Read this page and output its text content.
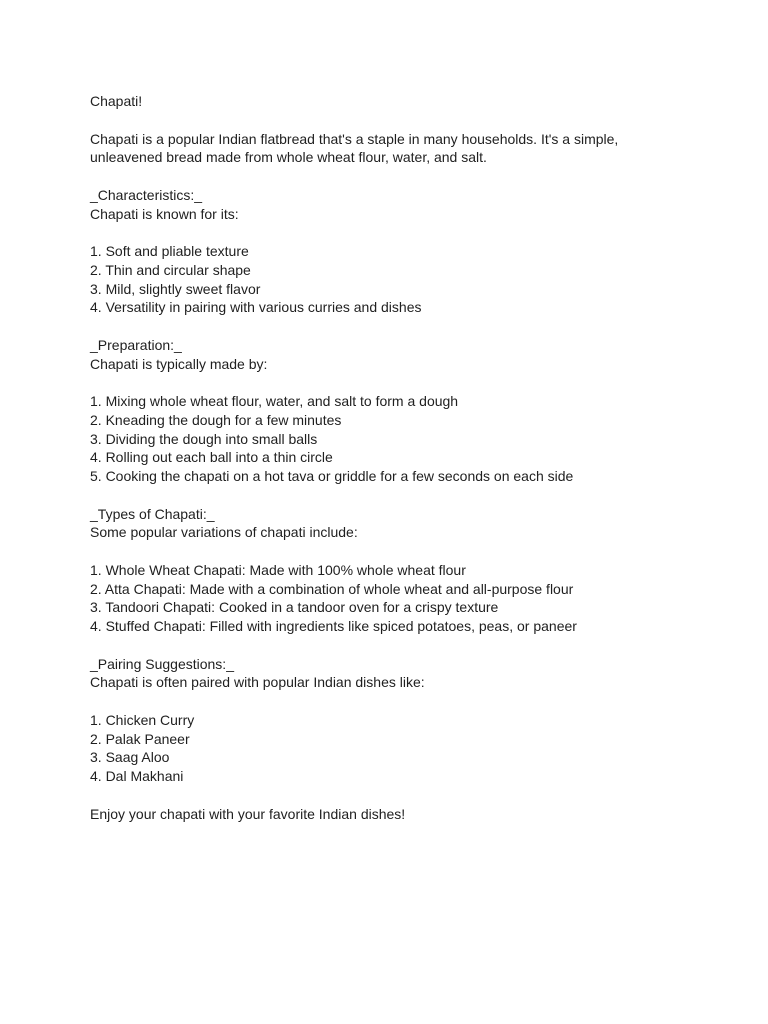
Chapati!
Chapati is a popular Indian flatbread that's a staple in many households. It's a simple,
unleavened bread made from whole wheat flour, water, and salt.
_Characteristics:_
Chapati is known for its:
1. Soft and pliable texture
2. Thin and circular shape
3. Mild, slightly sweet flavor
4. Versatility in pairing with various curries and dishes
_Preparation:_
Chapati is typically made by:
1. Mixing whole wheat flour, water, and salt to form a dough
2. Kneading the dough for a few minutes
3. Dividing the dough into small balls
4. Rolling out each ball into a thin circle
5. Cooking the chapati on a hot tava or griddle for a few seconds on each side
_Types of Chapati:_
Some popular variations of chapati include:
1. Whole Wheat Chapati: Made with 100% whole wheat flour
2. Atta Chapati: Made with a combination of whole wheat and all-purpose flour
3. Tandoori Chapati: Cooked in a tandoor oven for a crispy texture
4. Stuffed Chapati: Filled with ingredients like spiced potatoes, peas, or paneer
_Pairing Suggestions:_
Chapati is often paired with popular Indian dishes like:
1. Chicken Curry
2. Palak Paneer
3. Saag Aloo
4. Dal Makhani
Enjoy your chapati with your favorite Indian dishes!
